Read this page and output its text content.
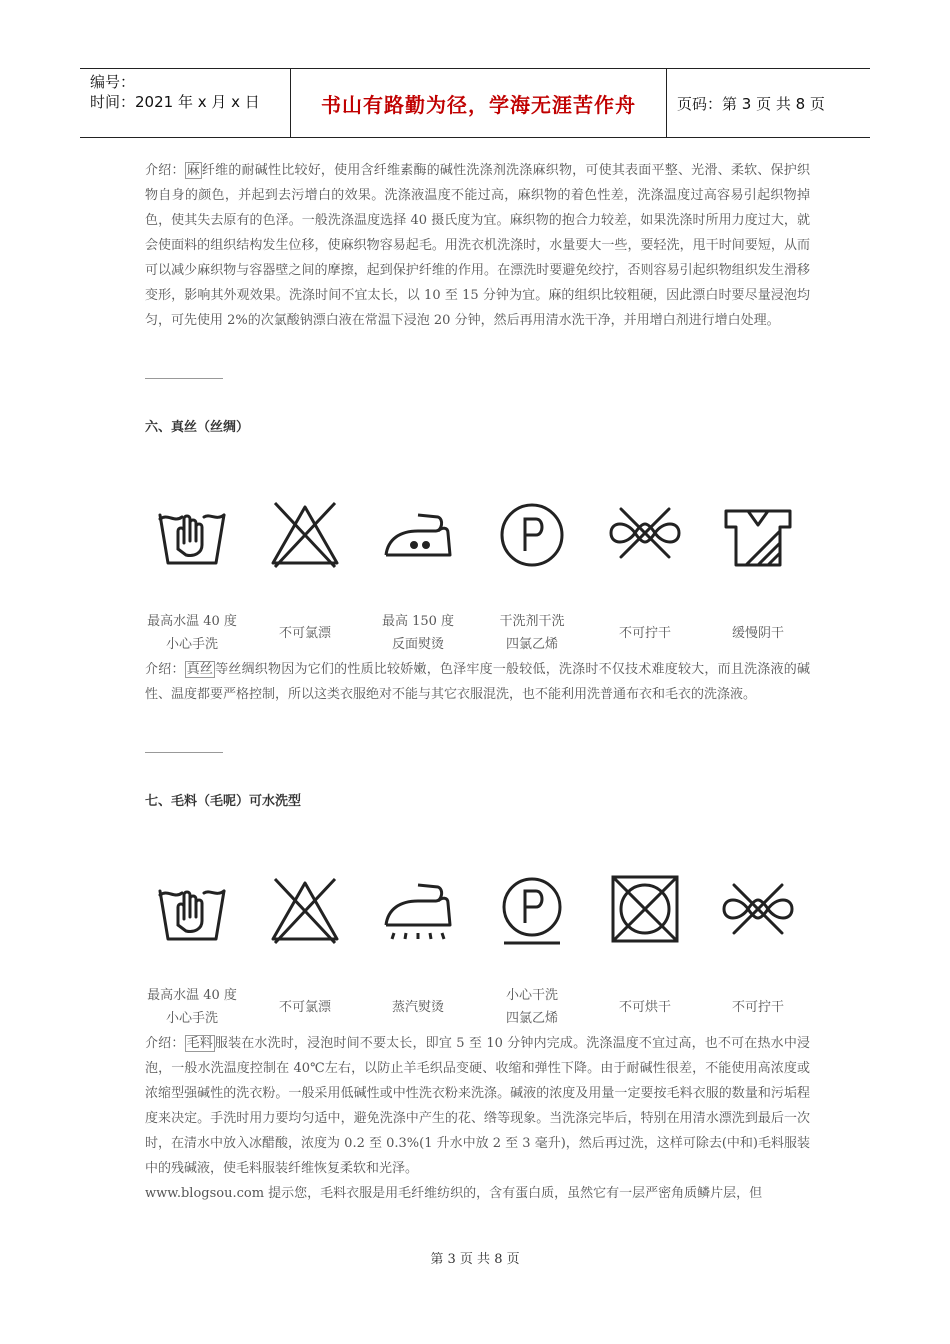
编号：
时间：2021 年 x 月 x 日	书山有路勤为径，学海无涯苦作舟	页码：第 3 页 共 8 页

介绍： 麻 纤维的耐碱性比较好，使用含纤维素酶的碱性洗涤剂洗涤麻织物，可使其表面平整、光滑、柔软、保护织物自身的颜色，并起到去污增白的效果。洗涤液温度不能过高，麻织物的着色性差，洗涤温度过高容易引起织物掉色，使其失去原有的色泽。一般洗涤温度选择 40 摄氏度为宜。麻织物的抱合力较差，如果洗涤时所用力度过大，就会使面料的组织结构发生位移，使麻织物容易起毛。用洗衣机洗涤时，水量要大一些，要轻洗，甩干时间要短，从而可以减少麻织物与容器壁之间的摩擦，起到保护纤维的作用。在漂洗时要避免绞拧，否则容易引起织物组织发生滑移变形，影响其外观效果。洗涤时间不宜太长，以 10 至 15 分钟为宜。麻的组织比较粗硬，因此漂白时要尽量浸泡均匀，可先使用 2%的次氯酸钠漂白液在常温下浸泡 20 分钟，然后再用清水洗干净，并用增白剂进行增白处理。

六、真丝（丝绸）
最高水温 40 度
小心手洗
不可氯漂
最高 150 度
反面熨烫
干洗剂干洗
四氯乙烯
不可拧干	缓慢阴干

介绍： 真丝 等丝绸织物因为它们的性质比较娇嫩，色泽牢度一般较低，洗涤时不仅技术难度较大，而且洗涤液的碱性、温度都要严格控制，所以这类衣服绝对不能与其它衣服混洗，也不能利用洗普通布衣和毛衣的洗涤液。

七、毛料（毛呢）可水洗型
最高水温 40 度
小心手洗
不可氯漂	蒸汽熨烫
小心干洗
四氯乙烯
不可烘干	不可拧干

介绍： 毛料 服装在水洗时，浸泡时间不要太长，即宜 5 至 10 分钟内完成。洗涤温度不宜过高，也不可在热水中浸泡，一般水洗温度控制在 40℃左右，以防止羊毛织品变硬、收缩和弹性下降。由于耐碱性很差，不能使用高浓度或浓缩型强碱性的洗衣粉。一般采用低碱性或中性洗衣粉来洗涤。碱液的浓度及用量一定要按毛料衣服的数量和污垢程度来决定。手洗时用力要均匀适中，避免洗涤中产生的花、绺等现象。当洗涤完毕后，特别在用清水漂洗到最后一次时，在清水中放入冰醋酸，浓度为 0.2 至 0.3%(1 升水中放 2 至 3 毫升)，然后再过洗，这样可除去(中和)毛料服装中的残碱液，使毛料服装纤维恢复柔软和光泽。
www.blogsou.com 提示您，毛料衣服是用毛纤维纺织的，含有蛋白质，虽然它有一层严密角质鳞片层，但

第 3 页 共 8 页
